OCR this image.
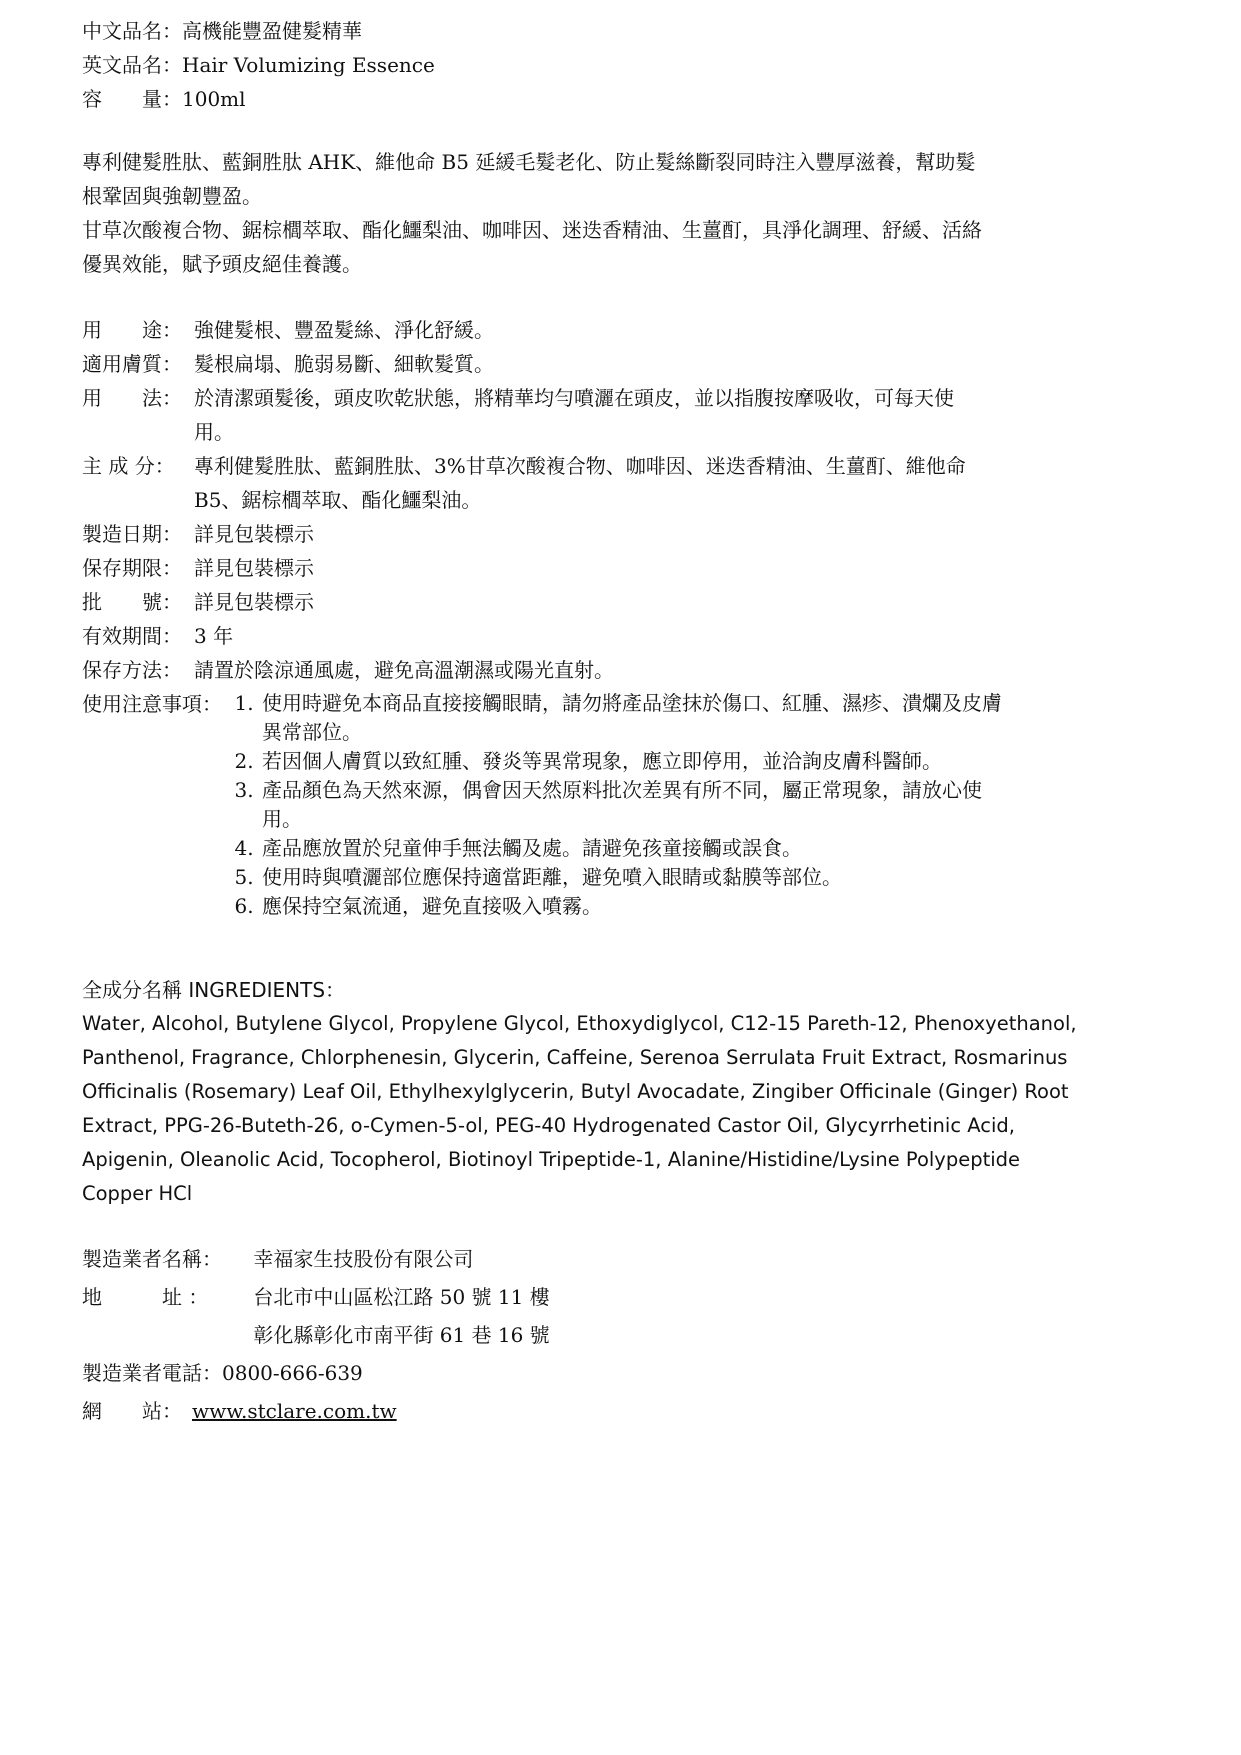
中文品名：高機能豐盈健髮精華
英文品名：Hair Volumizing Essence
容　　量：100ml
專利健髮胜肽、藍銅胜肽 AHK、維他命 B5 延緩毛髮老化、防止髮絲斷裂同時注入豐厚滋養，幫助髮根鞏固與強韌豐盈。
甘草次酸複合物、鋸棕櫚萃取、酯化鱷梨油、咖啡因、迷迭香精油、生薑酊，具淨化調理、舒緩、活絡優異效能，賦予頭皮絕佳養護。
用　　途： 強健髮根、豐盈髮絲、淨化舒緩。
適用膚質： 髮根扁塌、脆弱易斷、細軟髮質。
用　　法： 於清潔頭髮後，頭皮吹乾狀態，將精華均勻噴灑在頭皮，並以指腹按摩吸收，可每天使用。
主 成 分： 專利健髮胜肽、藍銅胜肽、3%甘草次酸複合物、咖啡因、迷迭香精油、生薑酊、維他命 B5、鋸棕櫚萃取、酯化鱷梨油。
製造日期： 詳見包裝標示
保存期限： 詳見包裝標示
批　　號： 詳見包裝標示
有效期間： 3 年
保存方法： 請置於陰涼通風處，避免高溫潮濕或陽光直射。
使用注意事項：	1. 使用時避免本商品直接接觸眼睛，請勿將產品塗抹於傷口、紅腫、濕疹、潰爛及皮膚異常部位。
2. 若因個人膚質以致紅腫、發炎等異常現象，應立即停用，並洽詢皮膚科醫師。
3. 產品顏色為天然來源，偶會因天然原料批次差異有所不同，屬正常現象，請放心使用。
4. 產品應放置於兒童伸手無法觸及處。請避免孩童接觸或誤食。
5. 使用時與噴灑部位應保持適當距離，避免噴入眼睛或黏膜等部位。
6. 應保持空氣流通，避免直接吸入噴霧。
全成分名稱 INGREDIENTS：
Water, Alcohol, Butylene Glycol, Propylene Glycol, Ethoxydiglycol, C12-15 Pareth-12, Phenoxyethanol, Panthenol, Fragrance, Chlorphenesin, Glycerin, Caffeine, Serenoa Serrulata Fruit Extract, Rosmarinus Officinalis (Rosemary) Leaf Oil, Ethylhexylglycerin, Butyl Avocadate, Zingiber Officinale (Ginger) Root Extract, PPG-26-Buteth-26, o-Cymen-5-ol, PEG-40 Hydrogenated Castor Oil, Glycyrrhetinic Acid, Apigenin, Oleanolic Acid, Tocopherol, Biotinoyl Tripeptide-1, Alanine/Histidine/Lysine Polypeptide Copper HCl
製造業者名稱：	幸福家生技股份有限公司
地　　　址 ：	台北市中山區松江路 50 號 11 樓
彰化縣彰化市南平街 61 巷 16 號
製造業者電話： 0800-666-639
網　　站： www.stclare.com.tw
